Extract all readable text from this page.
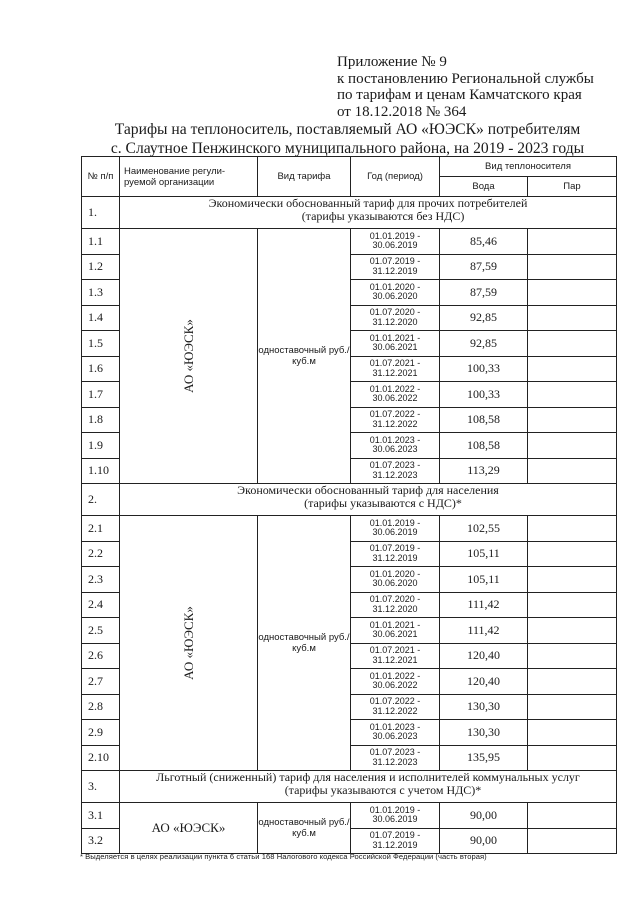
Приложение № 9
к постановлению Региональной службы
по тарифам и ценам Камчатского края
от 18.12.2018 № 364
Тарифы на теплоноситель, поставляемый АО «ЮЭСК» потребителям
с. Слаутное Пенжинского муниципального района, на 2019 - 2023 годы
№ п/п	Наименование регули-руемой организации	Вид тарифа	Год (период)	Вид теплоносителя	
				Вода	Пар
1.	Экономически обоснованный тариф для прочих потребителей
(тарифы указываются без НДС)				

1.1	АО «ЮЭСК»	одноставочный руб./куб.м	01.01.2019 -
30.06.2019	85,46	
1.2			01.07.2019 -
31.12.2019	87,59	
1.3			01.01.2020 -
30.06.2020	87,59	
1.4			01.07.2020 -
31.12.2020	92,85	
1.5			01.01.2021 -
30.06.2021	92,85	
1.6			01.07.2021 -
31.12.2021	100,33	
1.7			01.01.2022 -
30.06.2022	100,33	
1.8			01.07.2022 -
31.12.2022	108,58	
1.9			01.01.2023 -
30.06.2023	108,58	
1.10			01.07.2023 -
31.12.2023	113,29	
2.	Экономически обоснованный тариф для населения
(тарифы указываются с НДС)*				

2.1	АО «ЮЭСК»	одноставочный руб./куб.м	01.01.2019 -
30.06.2019	102,55	
2.2			01.07.2019 -
31.12.2019	105,11	
2.3			01.01.2020 -
30.06.2020	105,11	
2.4			01.07.2020 -
31.12.2020	111,42	
2.5			01.01.2021 -
30.06.2021	111,42	
2.6			01.07.2021 -
31.12.2021	120,40	
2.7			01.01.2022 -
30.06.2022	120,40	
2.8			01.07.2022 -
31.12.2022	130,30	
2.9			01.01.2023 -
30.06.2023	130,30	
2.10			01.07.2023 -
31.12.2023	135,95	
3.	Льготный (сниженный) тариф для населения и исполнителей коммунальных услуг
(тарифы указываются с учетом НДС)*				

3.1	АО «ЮЭСК»	одноставочный руб./куб.м	01.01.2019 -
30.06.2019	90,00	
3.2			01.07.2019 -
31.12.2019	90,00	
* Выделяется в целях реализации пункта 6 статьи 168 Налогового кодекса Российской Федерации (часть вторая)
